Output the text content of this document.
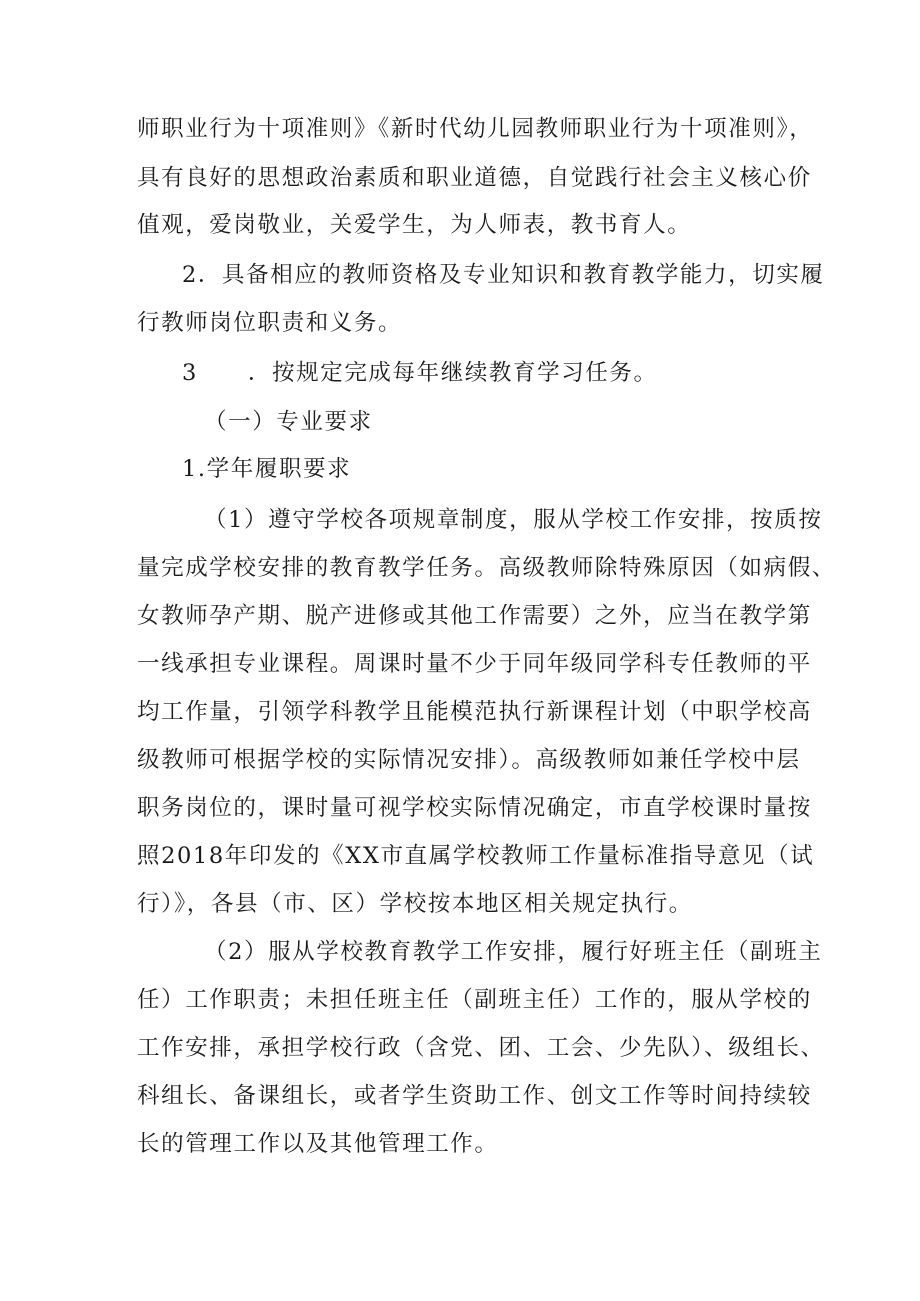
师职业行为十项准则》《新时代幼儿园教师职业行为十项准则》，
具有良好的思想政治素质和职业道德，自觉践行社会主义核心价
值观，爱岗敬业，关爱学生，为人师表，教书育人。
2．具备相应的教师资格及专业知识和教育教学能力，切实履
行教师岗位职责和义务。
3 ．按规定完成每年继续教育学习任务。
（一）专业要求
1.学年履职要求
（1）遵守学校各项规章制度，服从学校工作安排，按质按
量完成学校安排的教育教学任务。高级教师除特殊原因（如病假、
女教师孕产期、脱产进修或其他工作需要）之外，应当在教学第
一线承担专业课程。周课时量不少于同年级同学科专任教师的平
均工作量，引领学科教学且能模范执行新课程计划（中职学校高
级教师可根据学校的实际情况安排）。高级教师如兼任学校中层
职务岗位的，课时量可视学校实际情况确定，市直学校课时量按
照2018年印发的《XX市直属学校教师工作量标准指导意见（试
行）》，各县（市、区）学校按本地区相关规定执行。
（2）服从学校教育教学工作安排，履行好班主任（副班主
任）工作职责；未担任班主任（副班主任）工作的，服从学校的
工作安排，承担学校行政（含党、团、工会、少先队）、级组长、
科组长、备课组长，或者学生资助工作、创文工作等时间持续较
长的管理工作以及其他管理工作。
